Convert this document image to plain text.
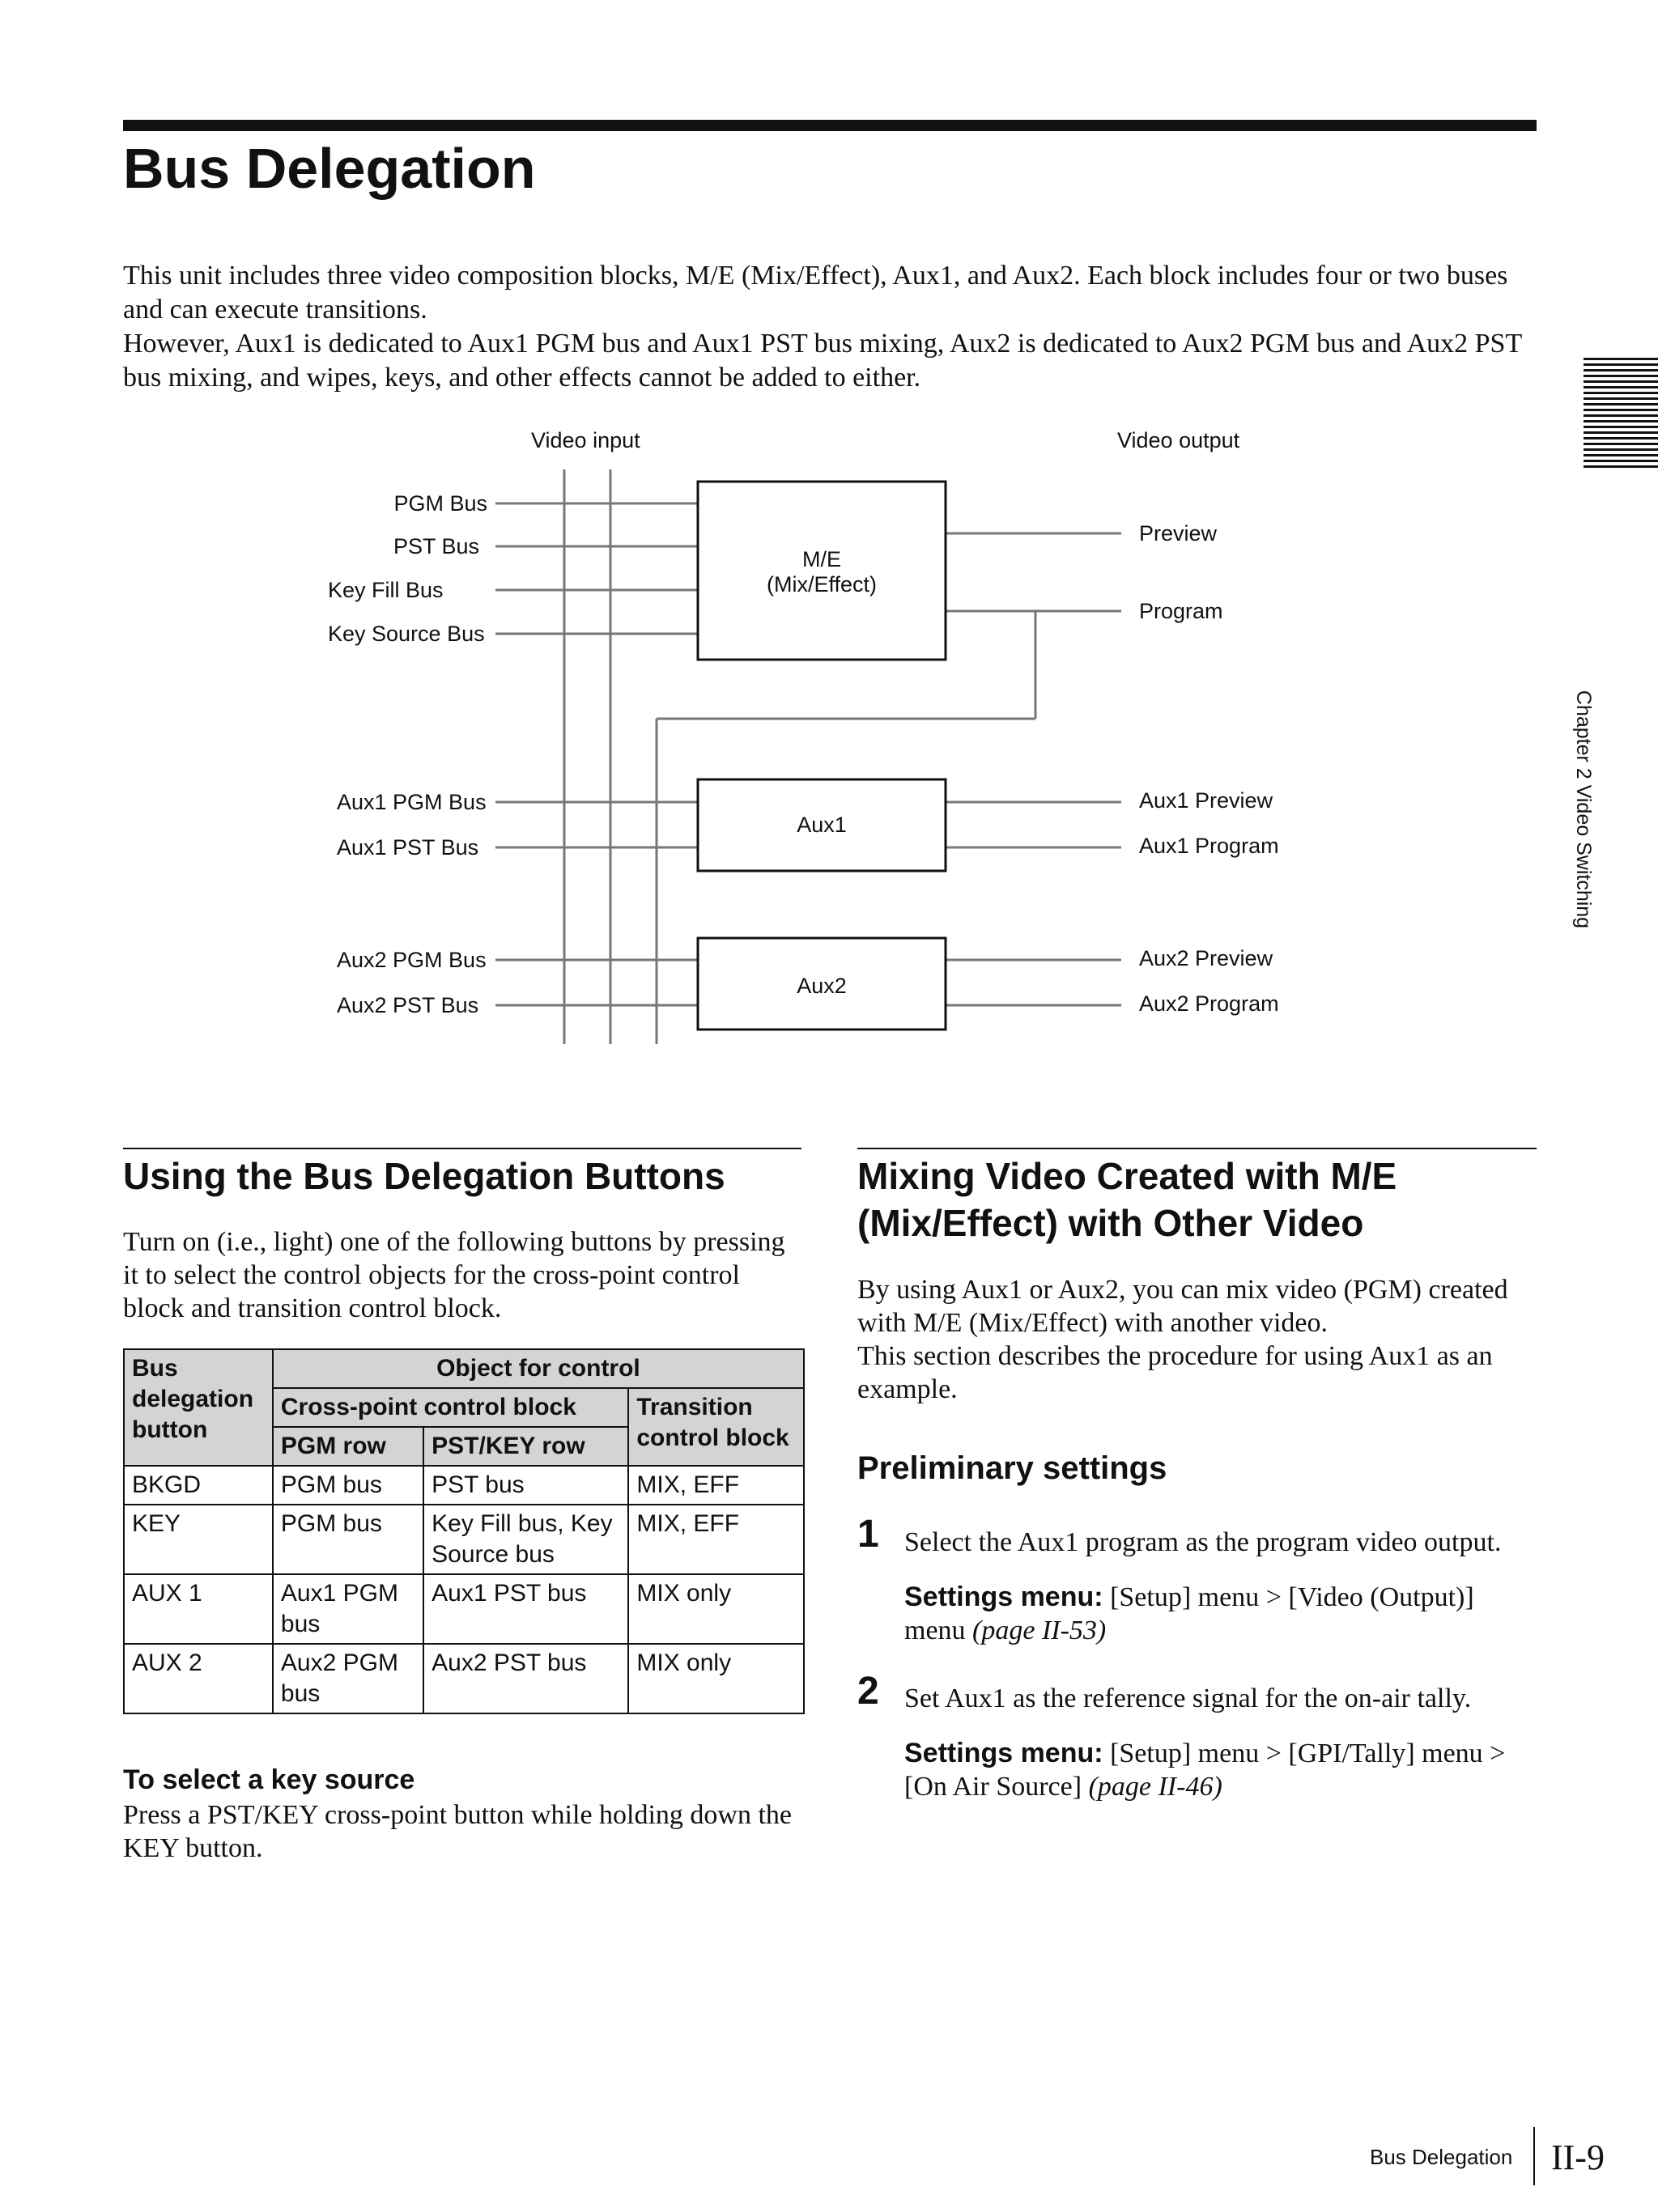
Bus Delegation

This unit includes three video composition blocks, M/E (Mix/Effect), Aux1, and Aux2. Each block includes four or two buses and can execute transitions.

However, Aux1 is dedicated to Aux1 PGM bus and Aux1 PST bus mixing, Aux2 is dedicated to Aux2 PGM bus and Aux2 PST bus mixing, and wipes, keys, and other effects cannot be added to either.

Chapter 2 Video Switching
Video input	Video output
PGM Bus
PST Bus
Key Fill Bus
Key Source Bus
M/E
(Mix/Effect)
Preview
Program
Aux1 PGM Bus
Aux1 PST Bus
Aux1
Aux1 Preview
Aux1 Program
Aux2 PGM Bus
Aux2 PST Bus
Aux2
Aux2 Preview
Aux2 Program
Using the Bus Delegation Buttons

Turn on (i.e., light) one of the following buttons by pressing it to select the control objects for the cross-point control block and transition control block.

Bus delegation button	Object for control		
	Cross-point control block		Transition control block
	PGM row	PST/KEY row	
BKGD	PGM bus	PST bus	MIX, EFF
KEY	PGM bus	Key Fill bus, Key Source bus	MIX, EFF
AUX 1	Aux1 PGM bus	Aux1 PST bus	MIX only
AUX 2	Aux2 PGM bus	Aux2 PST bus	MIX only
To select a key source

Press a PST/KEY cross-point button while holding down the KEY button.

Mixing Video Created with M/E (Mix/Effect) with Other Video

By using Aux1 or Aux2, you can mix video (PGM) created with M/E (Mix/Effect) with another video.

This section describes the procedure for using Aux1 as an example.

Preliminary settings
1 Select the Aux1 program as the program video output.
Settings menu: [Setup] menu > [Video (Output)] menu (page II-53)
2 Set Aux1 as the reference signal for the on-air tally.
Settings menu: [Setup] menu > [GPI/Tally] menu > [On Air Source] (page II-46)
Bus Delegation II-9
